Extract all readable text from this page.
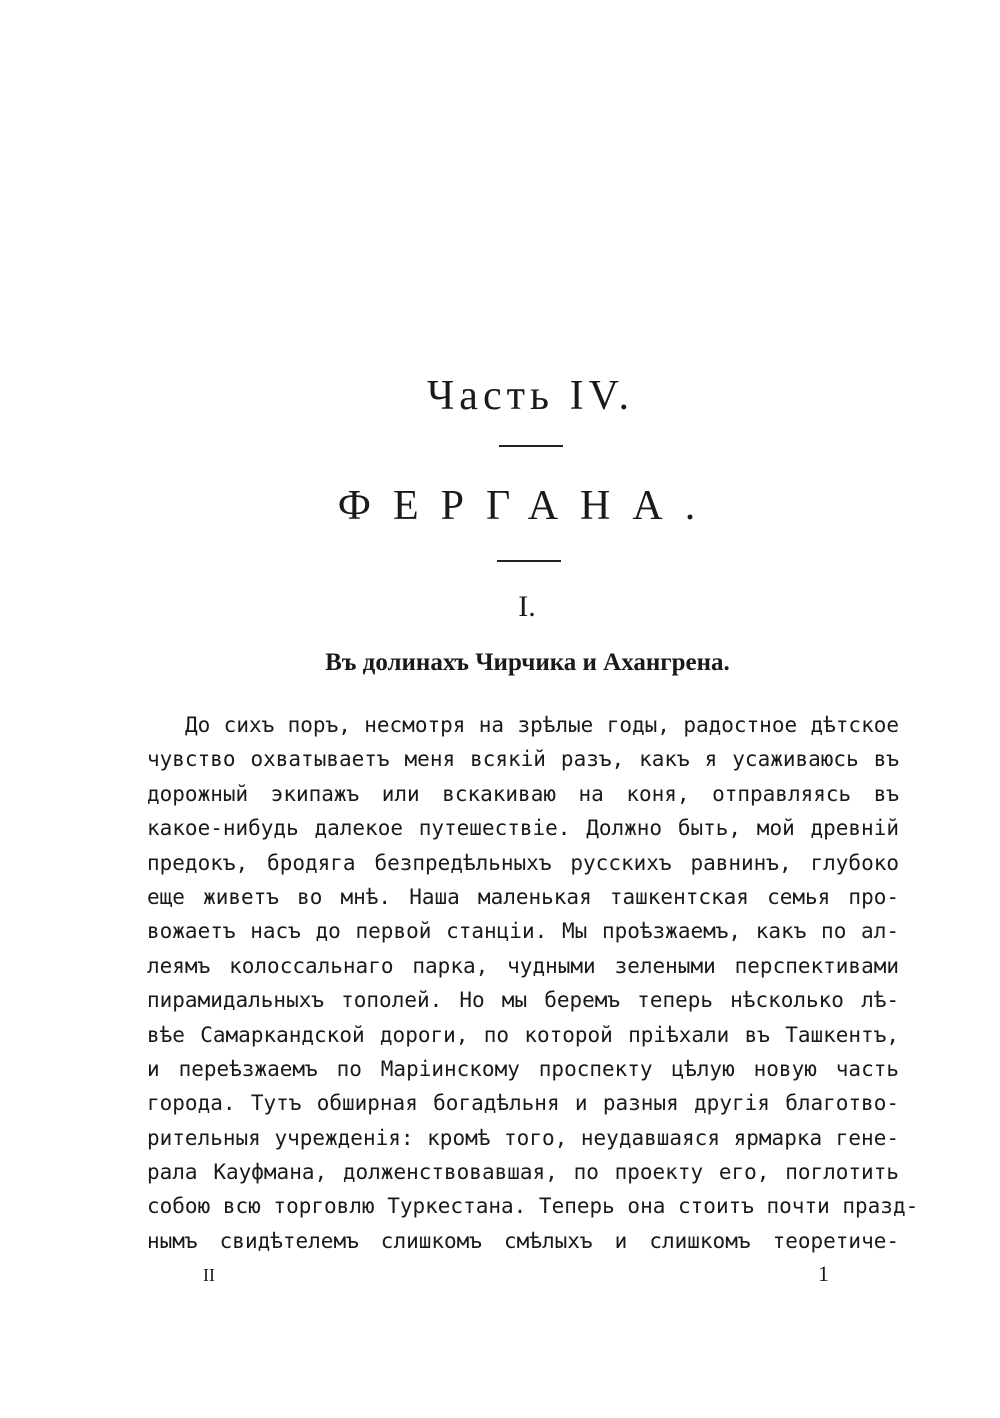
Часть IV.
ФЕРГАНА.
I.
Въ долинахъ Чирчика и Ахангрена.
До сихъ поръ, несмотря на зрѣлые годы, радостное дѣтское
чувство охватываетъ меня всякій разъ, какъ я усаживаюсь въ
дорожный экипажъ или вскакиваю на коня, отправляясь въ
какое-нибудь далекое путешествіе. Должно быть, мой древній
предокъ, бродяга безпредѣльныхъ русскихъ равнинъ, глубоко
еще живетъ во мнѣ. Наша маленькая ташкентская семья про-
вожаетъ насъ до первой станціи. Мы проѣзжаемъ, какъ по ал-
леямъ колоссальнаго парка, чудными зелеными перспективами
пирамидальныхъ тополей. Но мы беремъ теперь нѣсколько лѣ-
вѣе Самаркандской дороги, по которой пріѣхали въ Ташкентъ,
и переѣзжаемъ по Маріинскому проспекту цѣлую новую часть
города. Тутъ обширная богадѣльня и разныя другія благотво-
рительныя учрежденія: кромѣ того, неудавшаяся ярмарка гене-
рала Кауфмана, долженствовавшая, по проекту его, поглотить
собою всю торговлю Туркестана. Теперь она стоитъ почти празд-
нымъ свидѣтелемъ слишкомъ смѣлыхъ и слишкомъ теоретиче-
II	1
